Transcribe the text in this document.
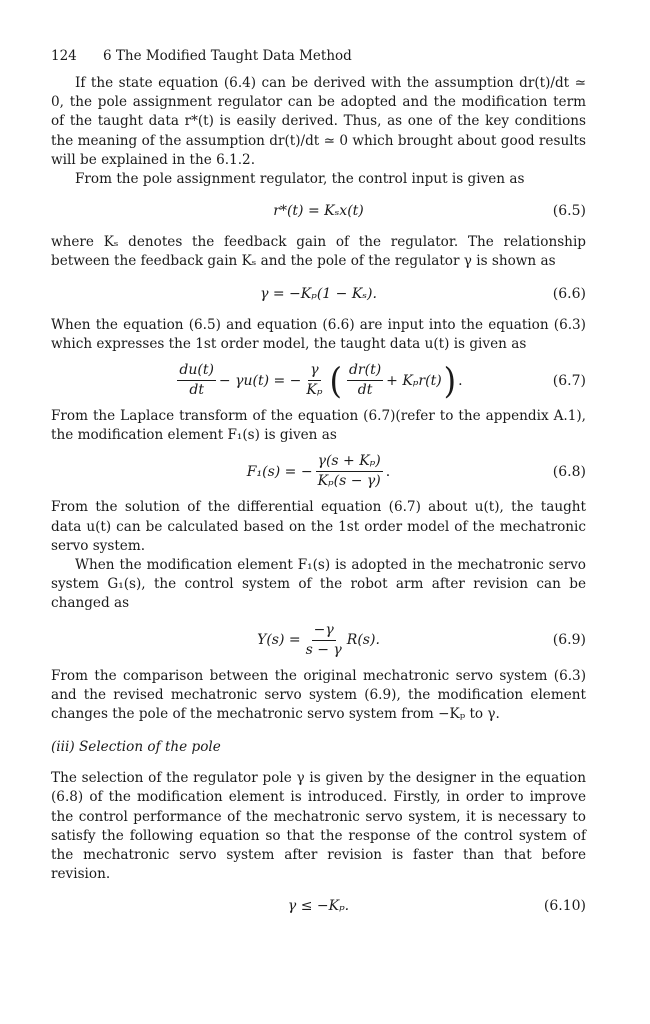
124 6 The Modified Taught Data Method

If the state equation (6.4) can be derived with the assumption dr(t)/dt ≃ 0, the pole assignment regulator can be adopted and the modification term of the taught data r*(t) is easily derived. Thus, as one of the key conditions the meaning of the assumption dr(t)/dt ≃ 0 which brought about good results will be explained in the 6.1.2.

From the pole assignment regulator, the control input is given as

r*(t) = Kₛx(t)	(6.5)

where Kₛ denotes the feedback gain of the regulator. The relationship between the feedback gain Kₛ and the pole of the regulator γ is shown as

γ = −Kₚ(1 − Kₛ).	(6.6)

When the equation (6.5) and equation (6.6) are input into the equation (6.3) which expresses the 1st order model, the taught data u(t) is given as

$\frac{du(t)}{dt} - \gamma u(t)$ = − $\frac{\gamma}{\text{Kₚ}}$ ( $\frac{dr(t)}{dt} + K_pr(t)$ ) .	(6.7)

From the Laplace transform of the equation (6.7)(refer to the appendix A.1), the modification element F₁(s) is given as

F₁(s) = − $\frac{\text{γ(s + Kₚ)}}{\text{Kₚ(s − γ)}}$ .	(6.8)

From the solution of the differential equation (6.7) about u(t), the taught data u(t) can be calculated based on the 1st order model of the mechatronic servo system.

When the modification element F₁(s) is adopted in the mechatronic servo system G₁(s), the control system of the robot arm after revision can be changed as

$Y(s) = \frac{-\gamma}{s - \gamma} R(s)$.	(6.9)

From the comparison between the original mechatronic servo system (6.3) and the revised mechatronic servo system (6.9), the modification element changes the pole of the mechatronic servo system from −Kₚ to γ.

(iii) Selection of the pole

The selection of the regulator pole γ is given by the designer in the equation (6.8) of the modification element is introduced. Firstly, in order to improve the control performance of the mechatronic servo system, it is necessary to satisfy the following equation so that the response of the control system of the mechatronic servo system after revision is faster than that before revision.

γ ≤ −Kₚ.	(6.10)
